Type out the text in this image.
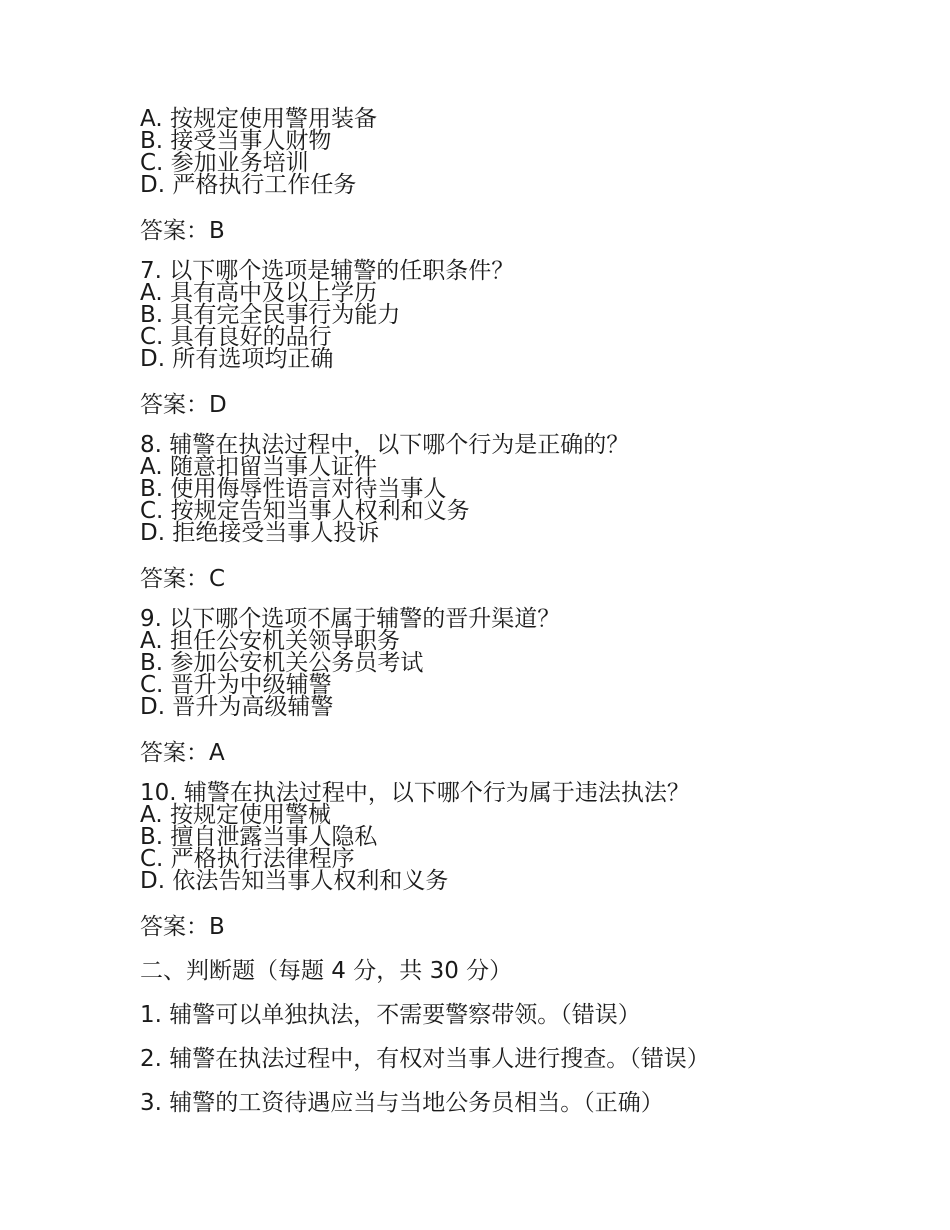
A. 按规定使用警用装备
B. 接受当事人财物
C. 参加业务培训
D. 严格执行工作任务
答案：B
7. 以下哪个选项是辅警的任职条件？
A. 具有高中及以上学历
B. 具有完全民事行为能力
C. 具有良好的品行
D. 所有选项均正确
答案：D
8. 辅警在执法过程中，以下哪个行为是正确的？
A. 随意扣留当事人证件
B. 使用侮辱性语言对待当事人
C. 按规定告知当事人权利和义务
D. 拒绝接受当事人投诉
答案：C
9. 以下哪个选项不属于辅警的晋升渠道？
A. 担任公安机关领导职务
B. 参加公安机关公务员考试
C. 晋升为中级辅警
D. 晋升为高级辅警
答案：A
10. 辅警在执法过程中，以下哪个行为属于违法执法？
A. 按规定使用警械
B. 擅自泄露当事人隐私
C. 严格执行法律程序
D. 依法告知当事人权利和义务
答案：B
二、判断题（每题 4 分，共 30 分）
1. 辅警可以单独执法，不需要警察带领。（错误）
2. 辅警在执法过程中，有权对当事人进行搜查。（错误）
3. 辅警的工资待遇应当与当地公务员相当。（正确）
